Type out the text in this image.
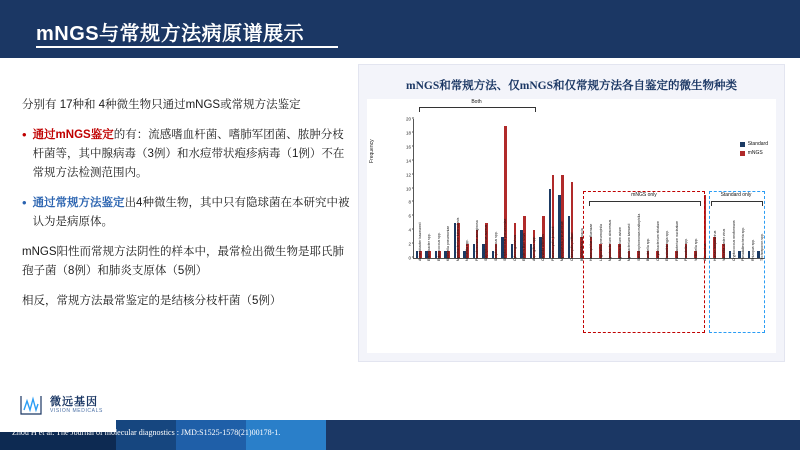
mNGS与常规方法病原谱展示
分别有 17种和 4种微生物只通过mNGS或常规方法鉴定
• 通过mNGS鉴定的有：流感嗜血杆菌、嗜肺军团菌、脓肿分枝杆菌等，其中腺病毒（3例）和水痘带状疱疹病毒（1例）不在常规方法检测范围内。
• 通过常规方法鉴定出4种微生物，其中只有隐球菌在本研究中被认为是病原体。
mNGS阳性而常规方法阴性的样本中，最常检出微生物是耶氏肺孢子菌（8例）和肺炎支原体（5例）
相反，常规方法最常鉴定的是结核分枝杆菌（5例）
mNGS和常规方法、仅mNGS和仅常规方法各自鉴定的微生物种类
Frequency
0
2
4
6
8
10
12
14
16
18
20
Acinetobacter baumannii Enterobacter spp. Enterococcus spp. Klebsiella pneumoniae Mycobacterium tuberculosis Nocardia spp. Pseudomonas aeruginosa Staphylococcus aureus Streptococcus spp. Streptococcus pneumoniae Cytomegalovirus Epstein-Barr virus Aspergillus spp. Candida albicans Pneumocystis jirovecii Mycoplasma pneumoniae Chlamydia psittaci Burkholderia cepacia Haemophilus influenzae Legionella pneumophila Mycobacterium abscessus Mycobacterium avium Mycobacterium kansasii Stenotrophomonas maltophilia Bordetella spp. Corynebacterium striatum Elizabethkingia spp. Fusobacterium nucleatum Prevotella spp. Veillonella spp. Adenovirus Human herpesvirus Varicella-zoster virus Cryptococcus neoformans Pseudallescheria spp. Rhizopus spp. Trichosporon spp.
Standard
mNGS
Both
mNGS only	Standard only
微远基因
VISION MEDICALS
Zhou H et al. The Journal of molecular diagnostics : JMD:S1525-1578(21)00178-1.
